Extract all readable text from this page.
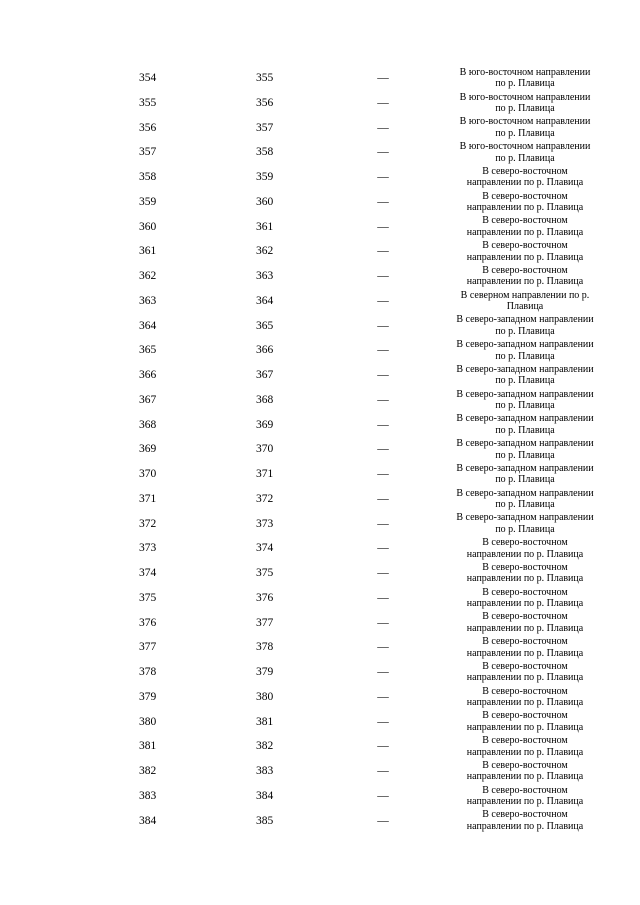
354	355	—	В юго-восточном направлении по р. Плавица
355	356	—	В юго-восточном направлении по р. Плавица
356	357	—	В юго-восточном направлении по р. Плавица
357	358	—	В юго-восточном направлении по р. Плавица
358	359	—	В северо-восточном направлении по р. Плавица
359	360	—	В северо-восточном направлении по р. Плавица
360	361	—	В северо-восточном направлении по р. Плавица
361	362	—	В северо-восточном направлении по р. Плавица
362	363	—	В северо-восточном направлении по р. Плавица
363	364	—	В северном направлении по р. Плавица
364	365	—	В северо-западном направлении по р. Плавица
365	366	—	В северо-западном направлении по р. Плавица
366	367	—	В северо-западном направлении по р. Плавица
367	368	—	В северо-западном направлении по р. Плавица
368	369	—	В северо-западном направлении по р. Плавица
369	370	—	В северо-западном направлении по р. Плавица
370	371	—	В северо-западном направлении по р. Плавица
371	372	—	В северо-западном направлении по р. Плавица
372	373	—	В северо-западном направлении по р. Плавица
373	374	—	В северо-восточном направлении по р. Плавица
374	375	—	В северо-восточном направлении по р. Плавица
375	376	—	В северо-восточном направлении по р. Плавица
376	377	—	В северо-восточном направлении по р. Плавица
377	378	—	В северо-восточном направлении по р. Плавица
378	379	—	В северо-восточном направлении по р. Плавица
379	380	—	В северо-восточном направлении по р. Плавица
380	381	—	В северо-восточном направлении по р. Плавица
381	382	—	В северо-восточном направлении по р. Плавица
382	383	—	В северо-восточном направлении по р. Плавица
383	384	—	В северо-восточном направлении по р. Плавица
384	385	—	В северо-восточном направлении по р. Плавица
